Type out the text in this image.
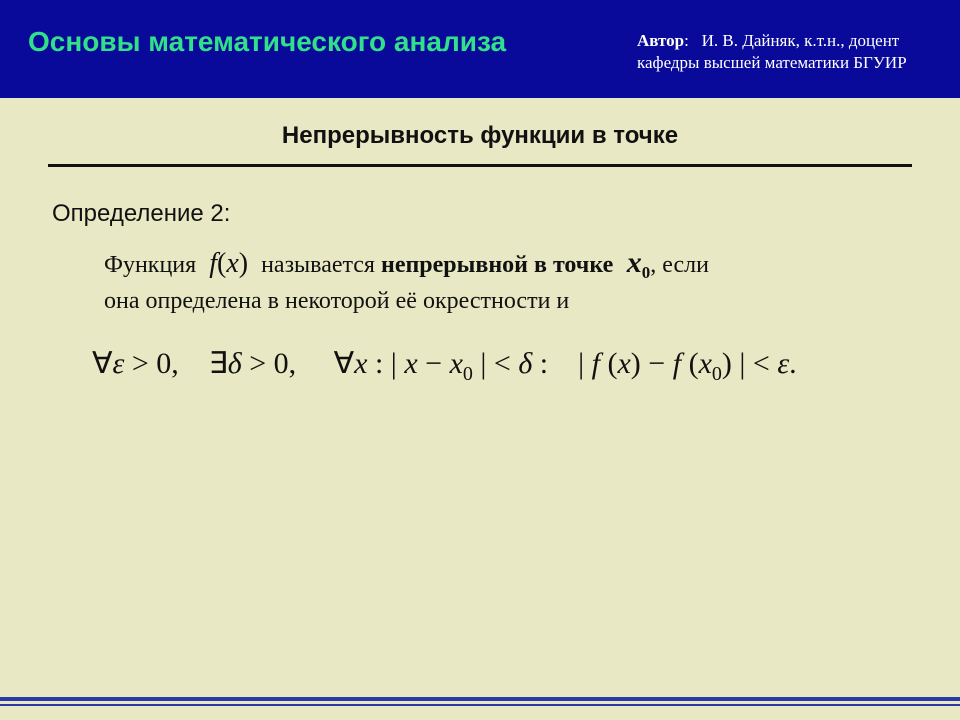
Основы математического анализа	Автор:   И. В. Дайняк, к.т.н., доцент
кафедры высшей математики БГУИР
Непрерывность функции в точке
Определение 2:
Функция  f(x) называется непрерывной в точке  $x_0$, если
она определена в некоторой её окрестности и
∀ε > 0,    ∃δ > 0,     ∀x : | $x - x_0$ | < δ :    | f (x) − f $(x_0)$ | < ε.
